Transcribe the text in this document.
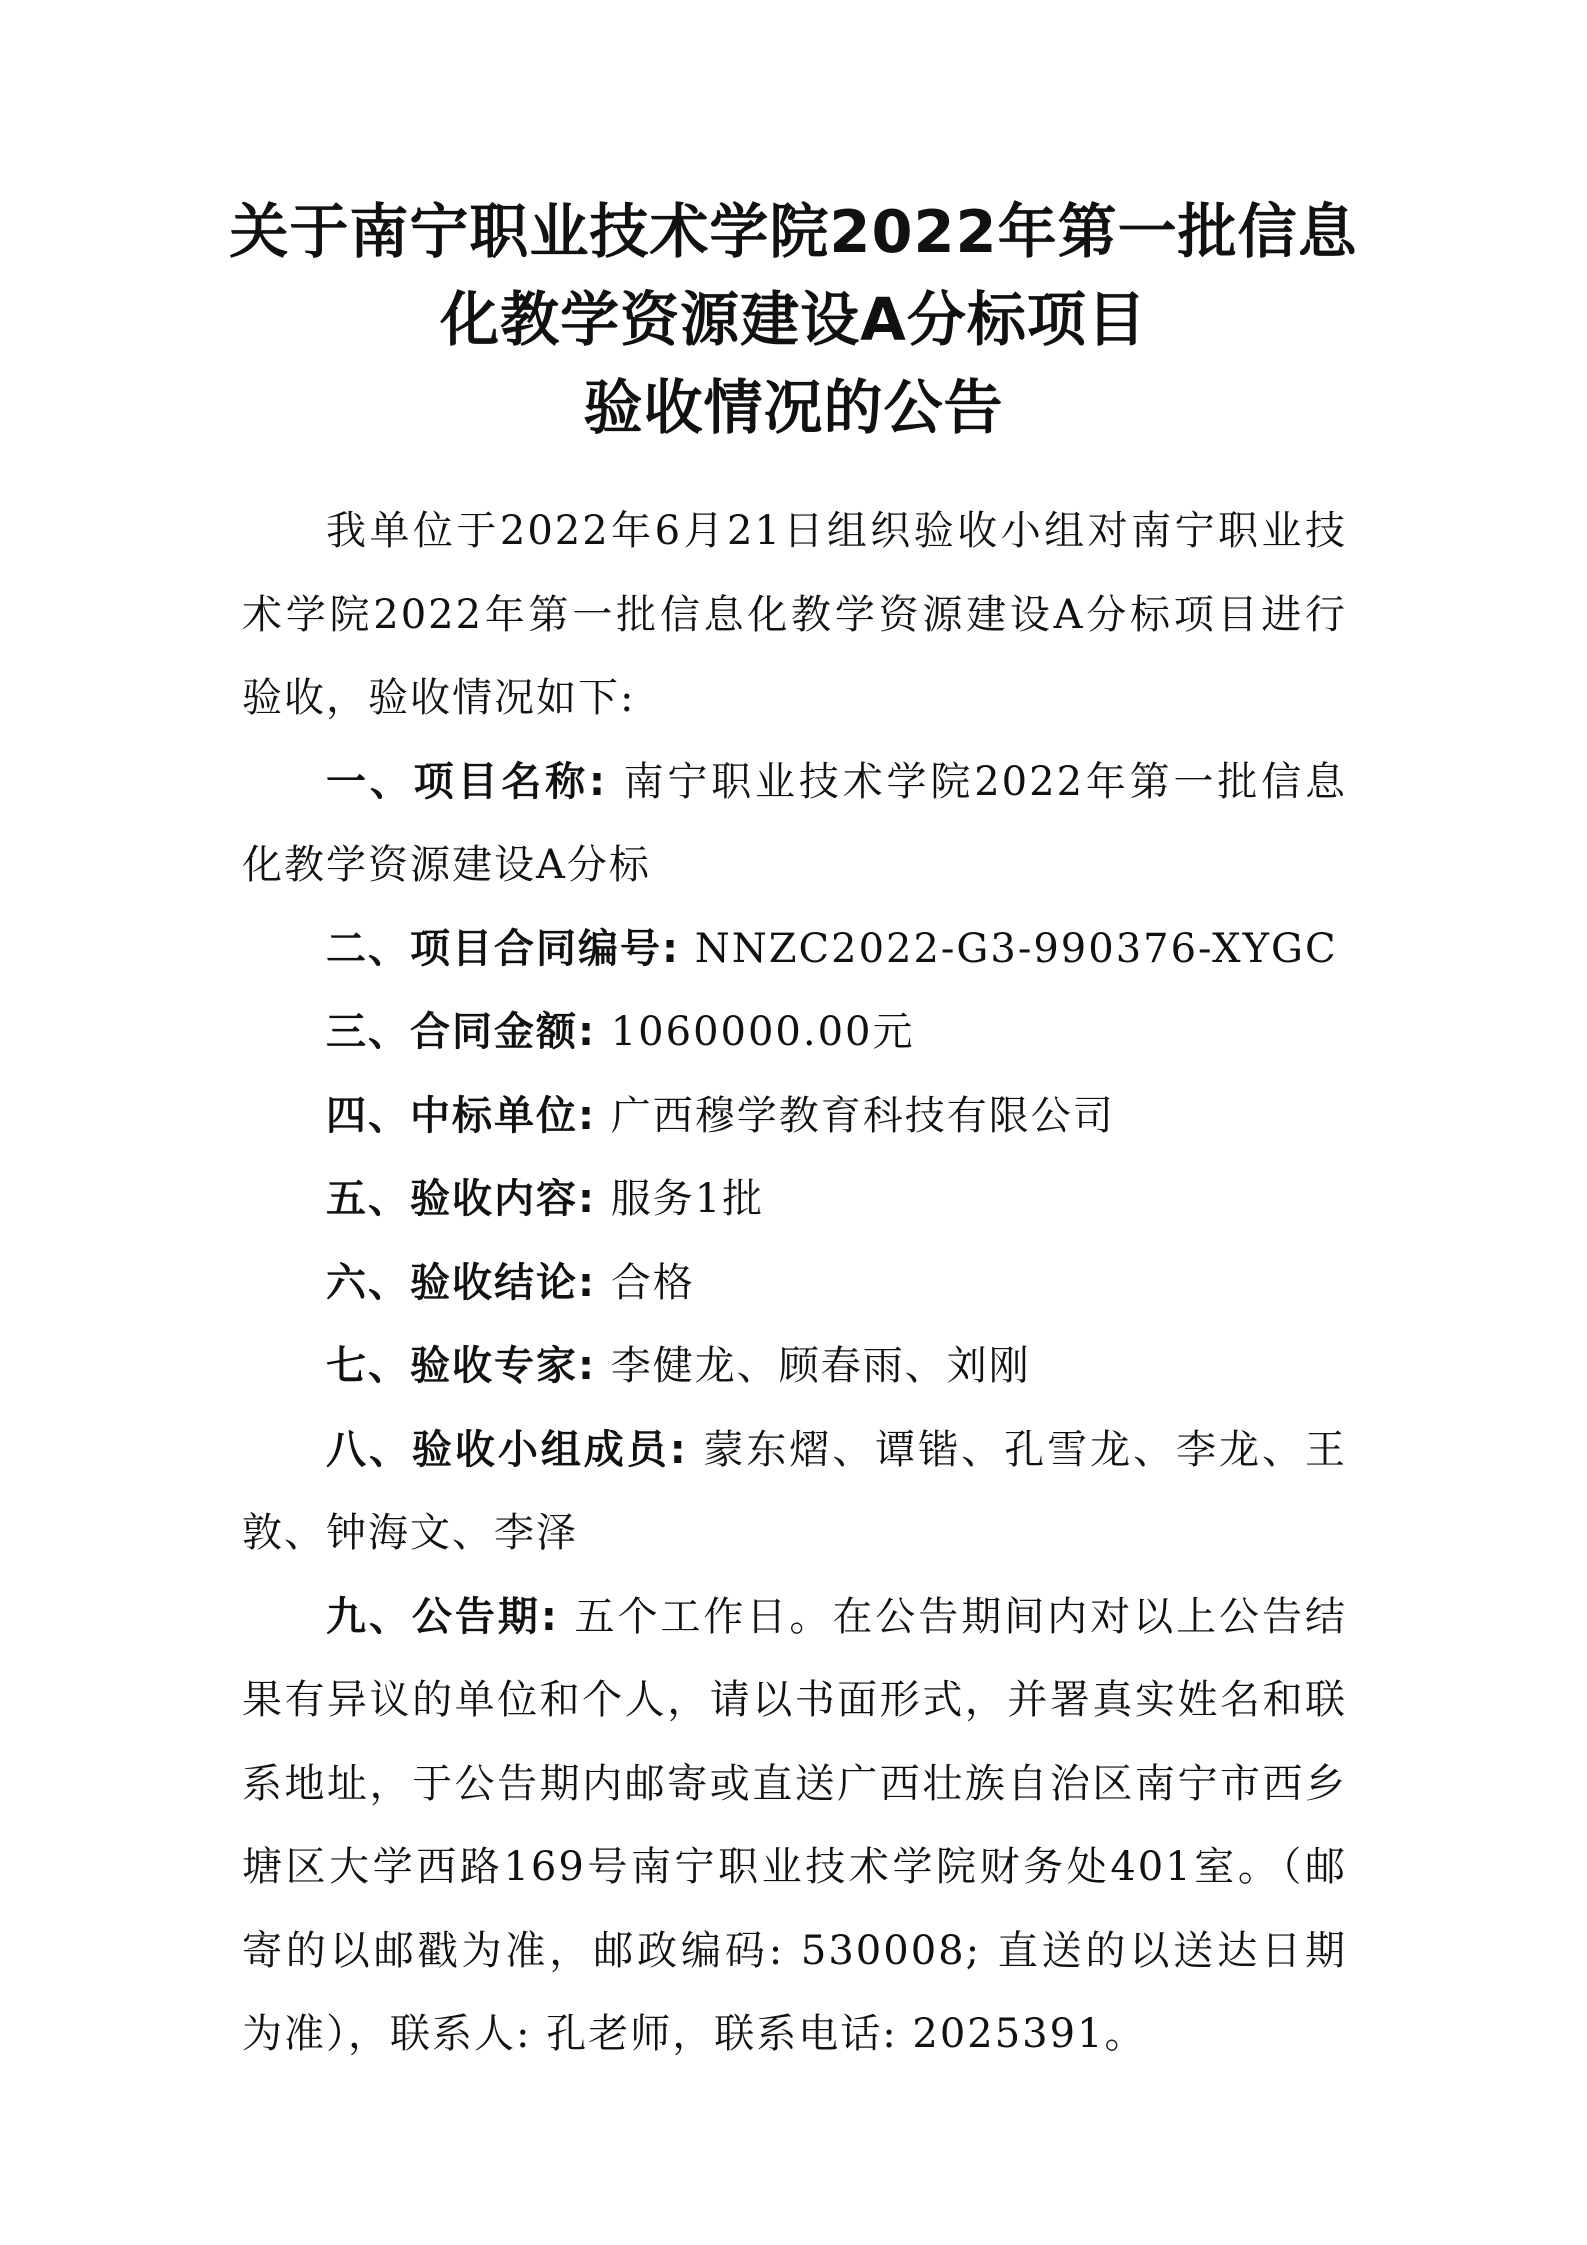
关于南宁职业技术学院2022年第一批信息
化教学资源建设A分标项目
验收情况的公告

我单位于2022年6月21日组织验收小组对南宁职业技术学院2022年第一批信息化教学资源建设A分标项目进行验收，验收情况如下:

一、项目名称: 南宁职业技术学院2022年第一批信息化教学资源建设A分标

二、项目合同编号: NNZC2022-G3-990376-XYGC

三、合同金额: 1060000.00元

四、中标单位: 广西穆学教育科技有限公司

五、验收内容: 服务1批

六、验收结论: 合格

七、验收专家: 李健龙、顾春雨、刘刚

八、验收小组成员: 蒙东熠、谭锴、孔雪龙、李龙、王敦、钟海文、李泽

九、公告期: 五个工作日。在公告期间内对以上公告结果有异议的单位和个人，请以书面形式，并署真实姓名和联系地址，于公告期内邮寄或直送广西壮族自治区南宁市西乡塘区大学西路169号南宁职业技术学院财务处401室。（邮寄的以邮戳为准，邮政编码: 530008; 直送的以送达日期为准），联系人: 孔老师，联系电话: 2025391。
